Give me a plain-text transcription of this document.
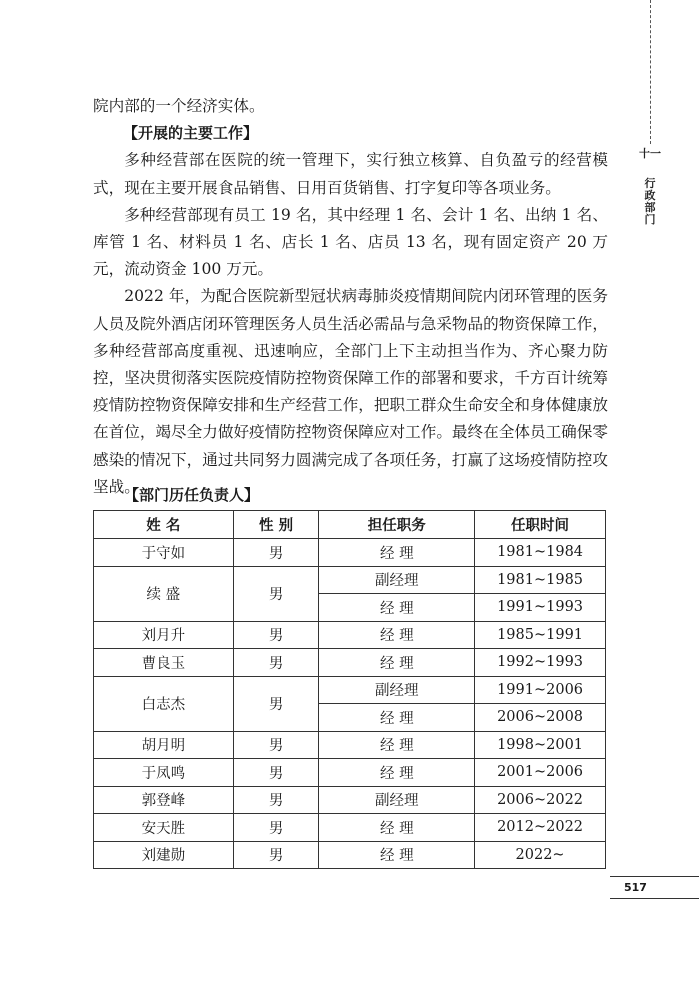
十一
行
政
部
门

院内部的一个经济实体。

【开展的主要工作】

多种经营部在医院的统一管理下，实行独立核算、自负盈亏的经营模式，现在主要开展食品销售、日用百货销售、打字复印等各项业务。

多种经营部现有员工 19 名，其中经理 1 名、会计 1 名、出纳 1 名、库管 1 名、材料员 1 名、店长 1 名、店员 13 名，现有固定资产 20 万元，流动资金 100 万元。

2022 年，为配合医院新型冠状病毒肺炎疫情期间院内闭环管理的医务人员及院外酒店闭环管理医务人员生活必需品与急采物品的物资保障工作，多种经营部高度重视、迅速响应，全部门上下主动担当作为、齐心聚力防控，坚决贯彻落实医院疫情防控物资保障工作的部署和要求，千方百计统筹疫情防控物资保障安排和生产经营工作，把职工群众生命安全和身体健康放在首位，竭尽全力做好疫情防控物资保障应对工作。最终在全体员工确保零感染的情况下，通过共同努力圆满完成了各项任务，打赢了这场疫情防控攻坚战。

【部门历任负责人】
姓 名	性 别	担任职务	任职时间
于守如	男	经 理	1981~1984
续 盛	男	副经理	1981~1985
		经 理	1991~1993
刘月升	男	经 理	1985~1991
曹良玉	男	经 理	1992~1993
白志杰	男	副经理	1991~2006
		经 理	2006~2008
胡月明	男	经 理	1998~2001
于凤鸣	男	经 理	2001~2006
郭登峰	男	副经理	2006~2022
安天胜	男	经 理	2012~2022
刘建勋	男	经 理	2022~
517
